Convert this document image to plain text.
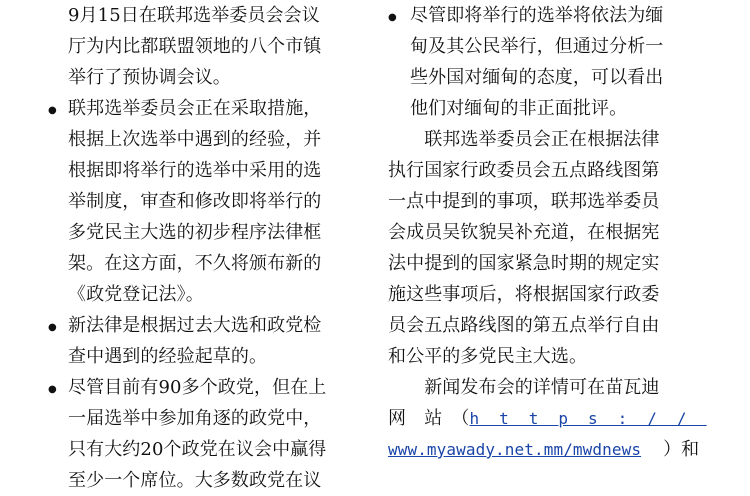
9月15日在联邦选举委员会会议
厅为内比都联盟领地的八个市镇
举行了预协调会议。
● 联邦选举委员会正在采取措施，
根据上次选举中遇到的经验，并
根据即将举行的选举中采用的选
举制度，审查和修改即将举行的
多党民主大选的初步程序法律框
架。在这方面，不久将颁布新的
《政党登记法》。
● 新法律是根据过去大选和政党检
查中遇到的经验起草的。
● 尽管目前有90多个政党，但在上
一届选举中参加角逐的政党中，
只有大约20个政党在议会中赢得
至少一个席位。大多数政党在议
● 尽管即将举行的选举将依法为缅
甸及其公民举行，但通过分析一
些外国对缅甸的态度，可以看出
他们对缅甸的非正面批评。
　　联邦选举委员会正在根据法律
执行国家行政委员会五点路线图第
一点中提到的事项，联邦选举委员
会成员吴钦貌吴补充道，在根据宪
法中提到的国家紧急时期的规定实
施这些事项后，将根据国家行政委
员会五点路线图的第五点举行自由
和公平的多党民主大选。
　　新闻发布会的详情可在苗瓦迪
网　站　（https://
www.myawady.net.mm/mwdnews ）和
